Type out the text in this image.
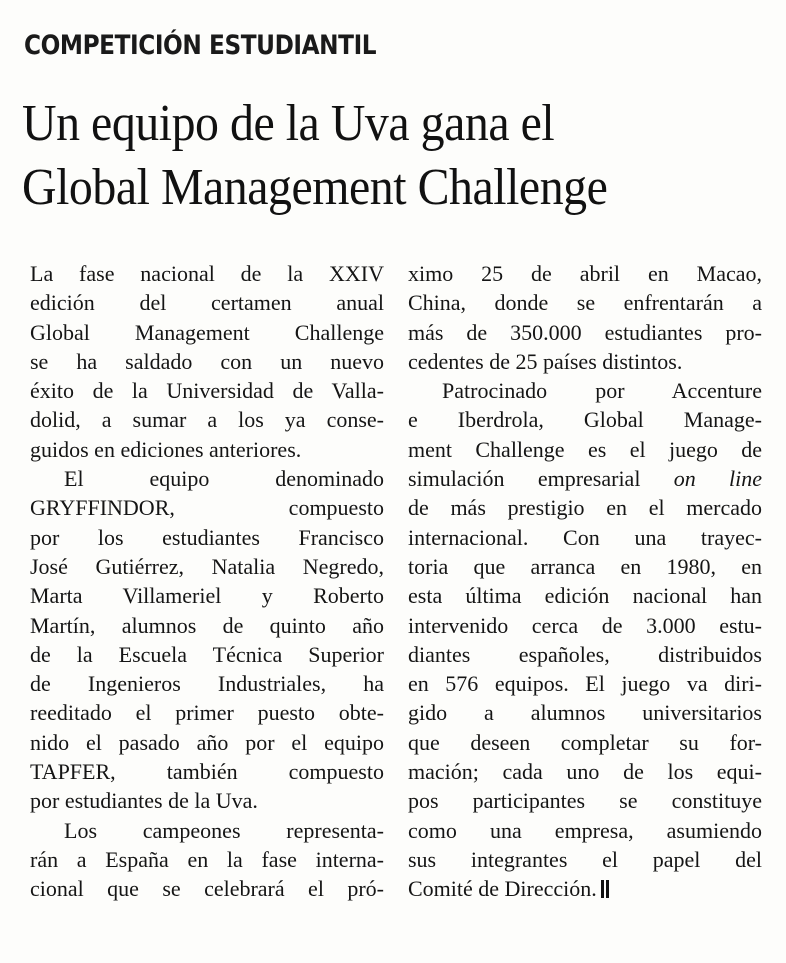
COMPETICIÓN ESTUDIANTIL
Un equipo de la Uva gana el
Global Management Challenge
La fase nacional de la XXIV
edición del certamen anual
Global Management Challenge
se ha saldado con un nuevo
éxito de la Universidad de Valla-
dolid, a sumar a los ya conse-
guidos en ediciones anteriores.
El equipo denominado
GRYFFINDOR, compuesto
por los estudiantes Francisco
José Gutiérrez, Natalia Negredo,
Marta Villameriel y Roberto
Martín, alumnos de quinto año
de la Escuela Técnica Superior
de Ingenieros Industriales, ha
reeditado el primer puesto obte-
nido el pasado año por el equipo
TAPFER, también compuesto
por estudiantes de la Uva.
Los campeones representa-
rán a España en la fase interna-
cional que se celebrará el pró-
ximo 25 de abril en Macao,
China, donde se enfrentarán a
más de 350.000 estudiantes pro-
cedentes de 25 países distintos.
Patrocinado por Accenture
e Iberdrola, Global Manage-
ment Challenge es el juego de
simulación empresarial on line
de más prestigio en el mercado
internacional. Con una trayec-
toria que arranca en 1980, en
esta última edición nacional han
intervenido cerca de 3.000 estu-
diantes españoles, distribuidos
en 576 equipos. El juego va diri-
gido a alumnos universitarios
que deseen completar su for-
mación; cada uno de los equi-
pos participantes se constituye
como una empresa, asumiendo
sus integrantes el papel del
Comité de Dirección.
